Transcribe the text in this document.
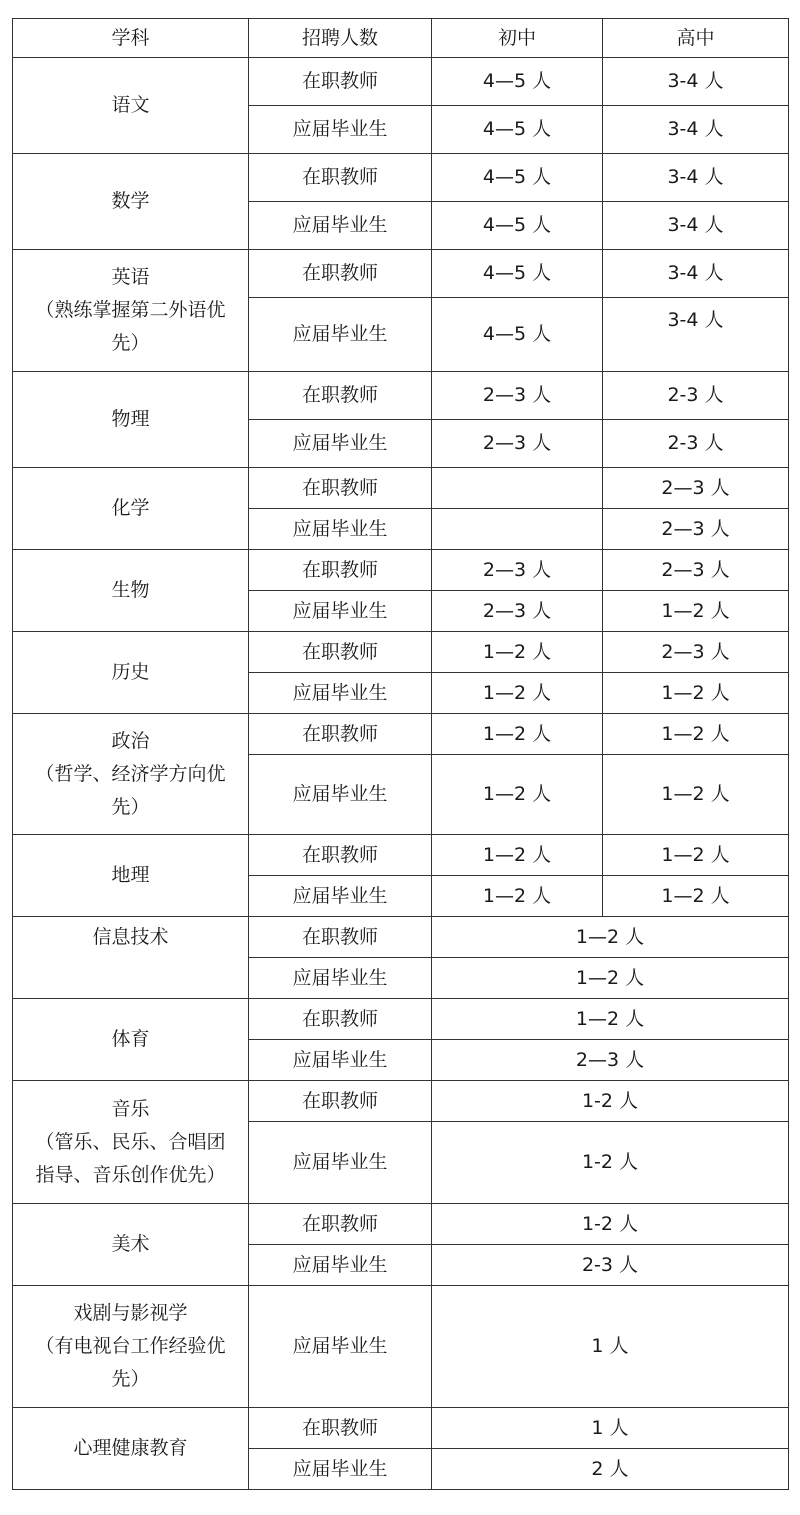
学科	招聘人数	初中	高中
语文	在职教师	4—5 人	3-4 人
	应届毕业生	4—5 人	3-4 人
数学	在职教师	4—5 人	3-4 人
	应届毕业生	4—5 人	3-4 人

英语
（熟练掌握第二外语优
先）	在职教师	4—5 人	3-4 人
	应届毕业生	4—5 人	3-4 人
物理	在职教师	2—3 人	2-3 人
	应届毕业生	2—3 人	2-3 人
化学	在职教师		2—3 人
	应届毕业生		2—3 人
生物	在职教师	2—3 人	2—3 人
	应届毕业生	2—3 人	1—2 人
历史	在职教师	1—2 人	2—3 人
	应届毕业生	1—2 人	1—2 人

政治
（哲学、经济学方向优
先）	在职教师	1—2 人	1—2 人
	应届毕业生	1—2 人	1—2 人
地理	在职教师	1—2 人	1—2 人
	应届毕业生	1—2 人	1—2 人
信息技术	在职教师	1—2 人	
	应届毕业生	1—2 人	
体育	在职教师	1—2 人	
	应届毕业生	2—3 人	

音乐
（管乐、民乐、合唱团
指导、音乐创作优先）	在职教师	1-2 人	
	应届毕业生	1-2 人	
美术	在职教师	1-2 人	
	应届毕业生	2-3 人	

戏剧与影视学
（有电视台工作经验优
先）	应届毕业生	1 人	
心理健康教育	在职教师	1 人	
	应届毕业生	2 人	
